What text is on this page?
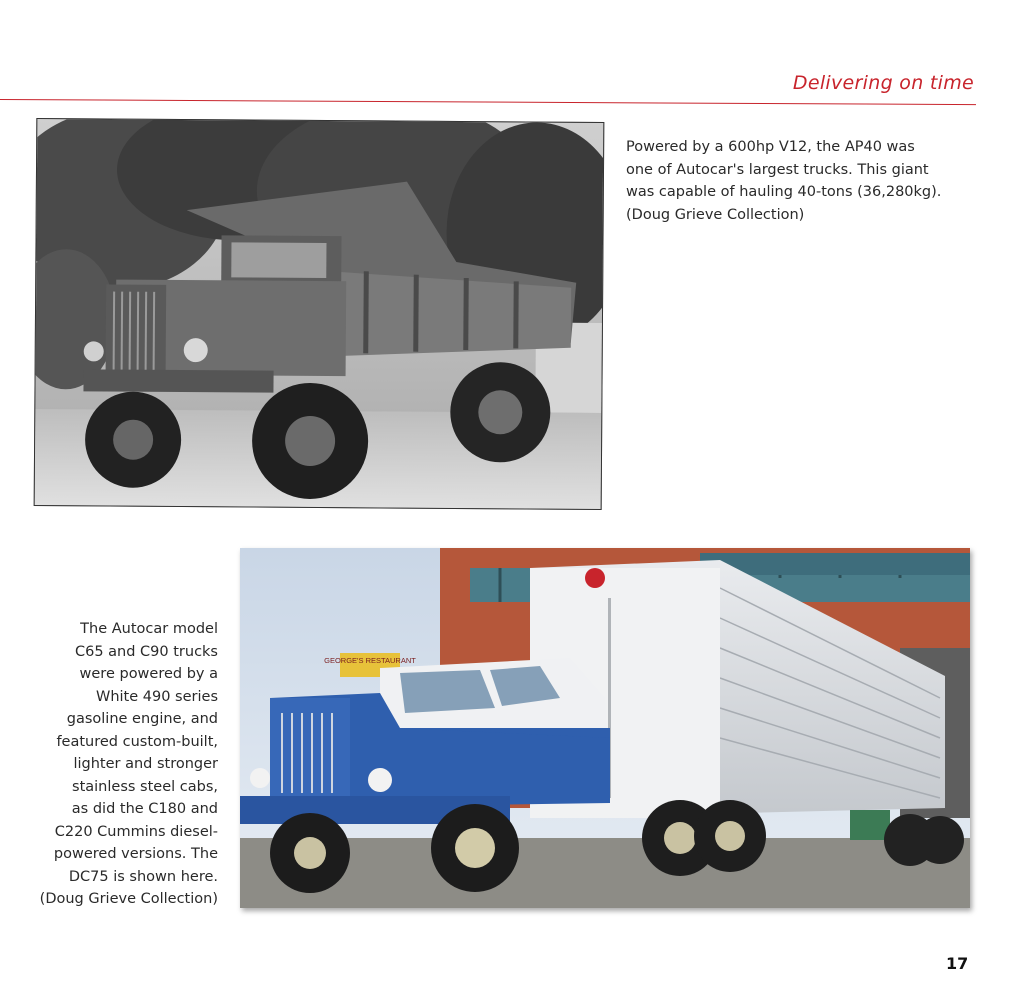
Delivering on time
Powered by a 600hp V12, the AP40 was
one of Autocar's largest trucks. This giant
was capable of hauling 40-tons (36,280kg).
(Doug Grieve Collection)
GEORGE'S RESTAURANT
The Autocar model
C65 and C90 trucks
were powered by a
White 490 series
gasoline engine, and
featured custom-built,
lighter and stronger
stainless steel cabs,
as did the C180 and
C220 Cummins diesel-
powered versions. The
DC75 is shown here.
(Doug Grieve Collection)
17
